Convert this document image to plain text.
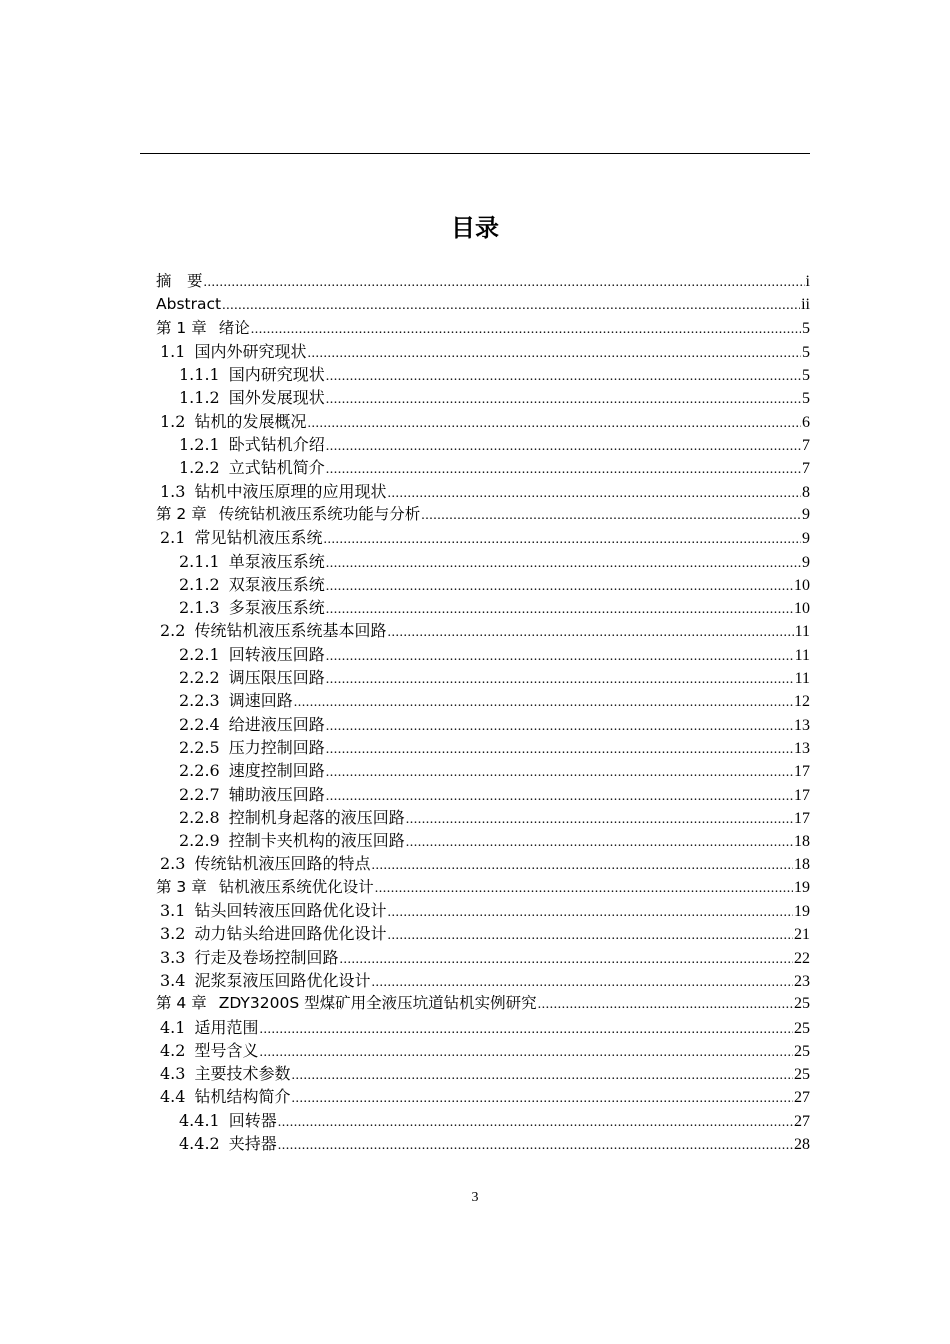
目录
摘　要 .....	i
Abstract .....	ii
第 1 章 绪论 .....	5
1.1 国内外研究现状 .....	5
1.1.1 国内研究现状 .....	5
1.1.2 国外发展现状 .....	5
1.2 钻机的发展概况 .....	6
1.2.1 卧式钻机介绍 .....	7
1.2.2 立式钻机简介 .....	7
1.3 钻机中液压原理的应用现状 .....	8
第 2 章 传统钻机液压系统功能与分析 .....	9
2.1 常见钻机液压系统 .....	9
2.1.1 单泵液压系统 .....	9
2.1.2 双泵液压系统 .....	10
2.1.3 多泵液压系统 .....	10
2.2 传统钻机液压系统基本回路 .....	11
2.2.1 回转液压回路 .....	11
2.2.2 调压限压回路 .....	11
2.2.3 调速回路 .....	12
2.2.4 给进液压回路 .....	13
2.2.5 压力控制回路 .....	13
2.2.6 速度控制回路 .....	17
2.2.7 辅助液压回路 .....	17
2.2.8 控制机身起落的液压回路 .....	17
2.2.9 控制卡夹机构的液压回路 .....	18
2.3 传统钻机液压回路的特点 .....	18
第 3 章 钻机液压系统优化设计 .....	19
3.1 钻头回转液压回路优化设计 .....	19
3.2 动力钻头给进回路优化设计 .....	21
3.3 行走及卷场控制回路 .....	22
3.4 泥浆泵液压回路优化设计 .....	23
第 4 章 ZDY3200S 型煤矿用全液压坑道钻机实例研究 .....	25
4.1 适用范围 .....	25
4.2 型号含义 .....	25
4.3 主要技术参数 .....	25
4.4 钻机结构简介 .....	27
4.4.1 回转器 .....	27
4.4.2 夹持器 .....	28
3
